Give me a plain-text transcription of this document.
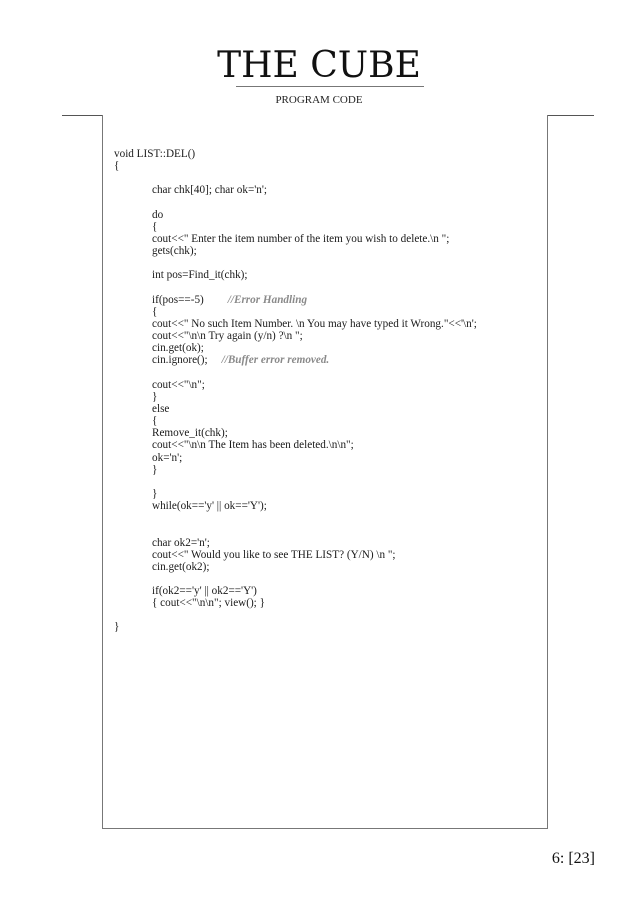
THE CUBE
PROGRAM CODE
void LIST::DEL()
{
char chk[40]; char ok='n';
do
{
cout<<" Enter the item number of the item you wish to delete.\n ";
gets(chk);
int pos=Find_it(chk);
if(pos==-5) //Error Handling
{
cout<<" No such Item Number. \n You may have typed it Wrong."<<'\n';
cout<<"\n\n Try again (y/n) ?\n ";
cin.get(ok);
cin.ignore(); //Buffer error removed.
cout<<"\n";
}
else
{
Remove_it(chk);
cout<<"\n\n The Item has been deleted.\n\n";
ok='n';
}
}
while(ok=='y' || ok=='Y');
char ok2='n';
cout<<" Would you like to see THE LIST? (Y/N) \n ";
cin.get(ok2);
if(ok2=='y' || ok2=='Y')
{ cout<<"\n\n"; view(); }
}
6: [23]
